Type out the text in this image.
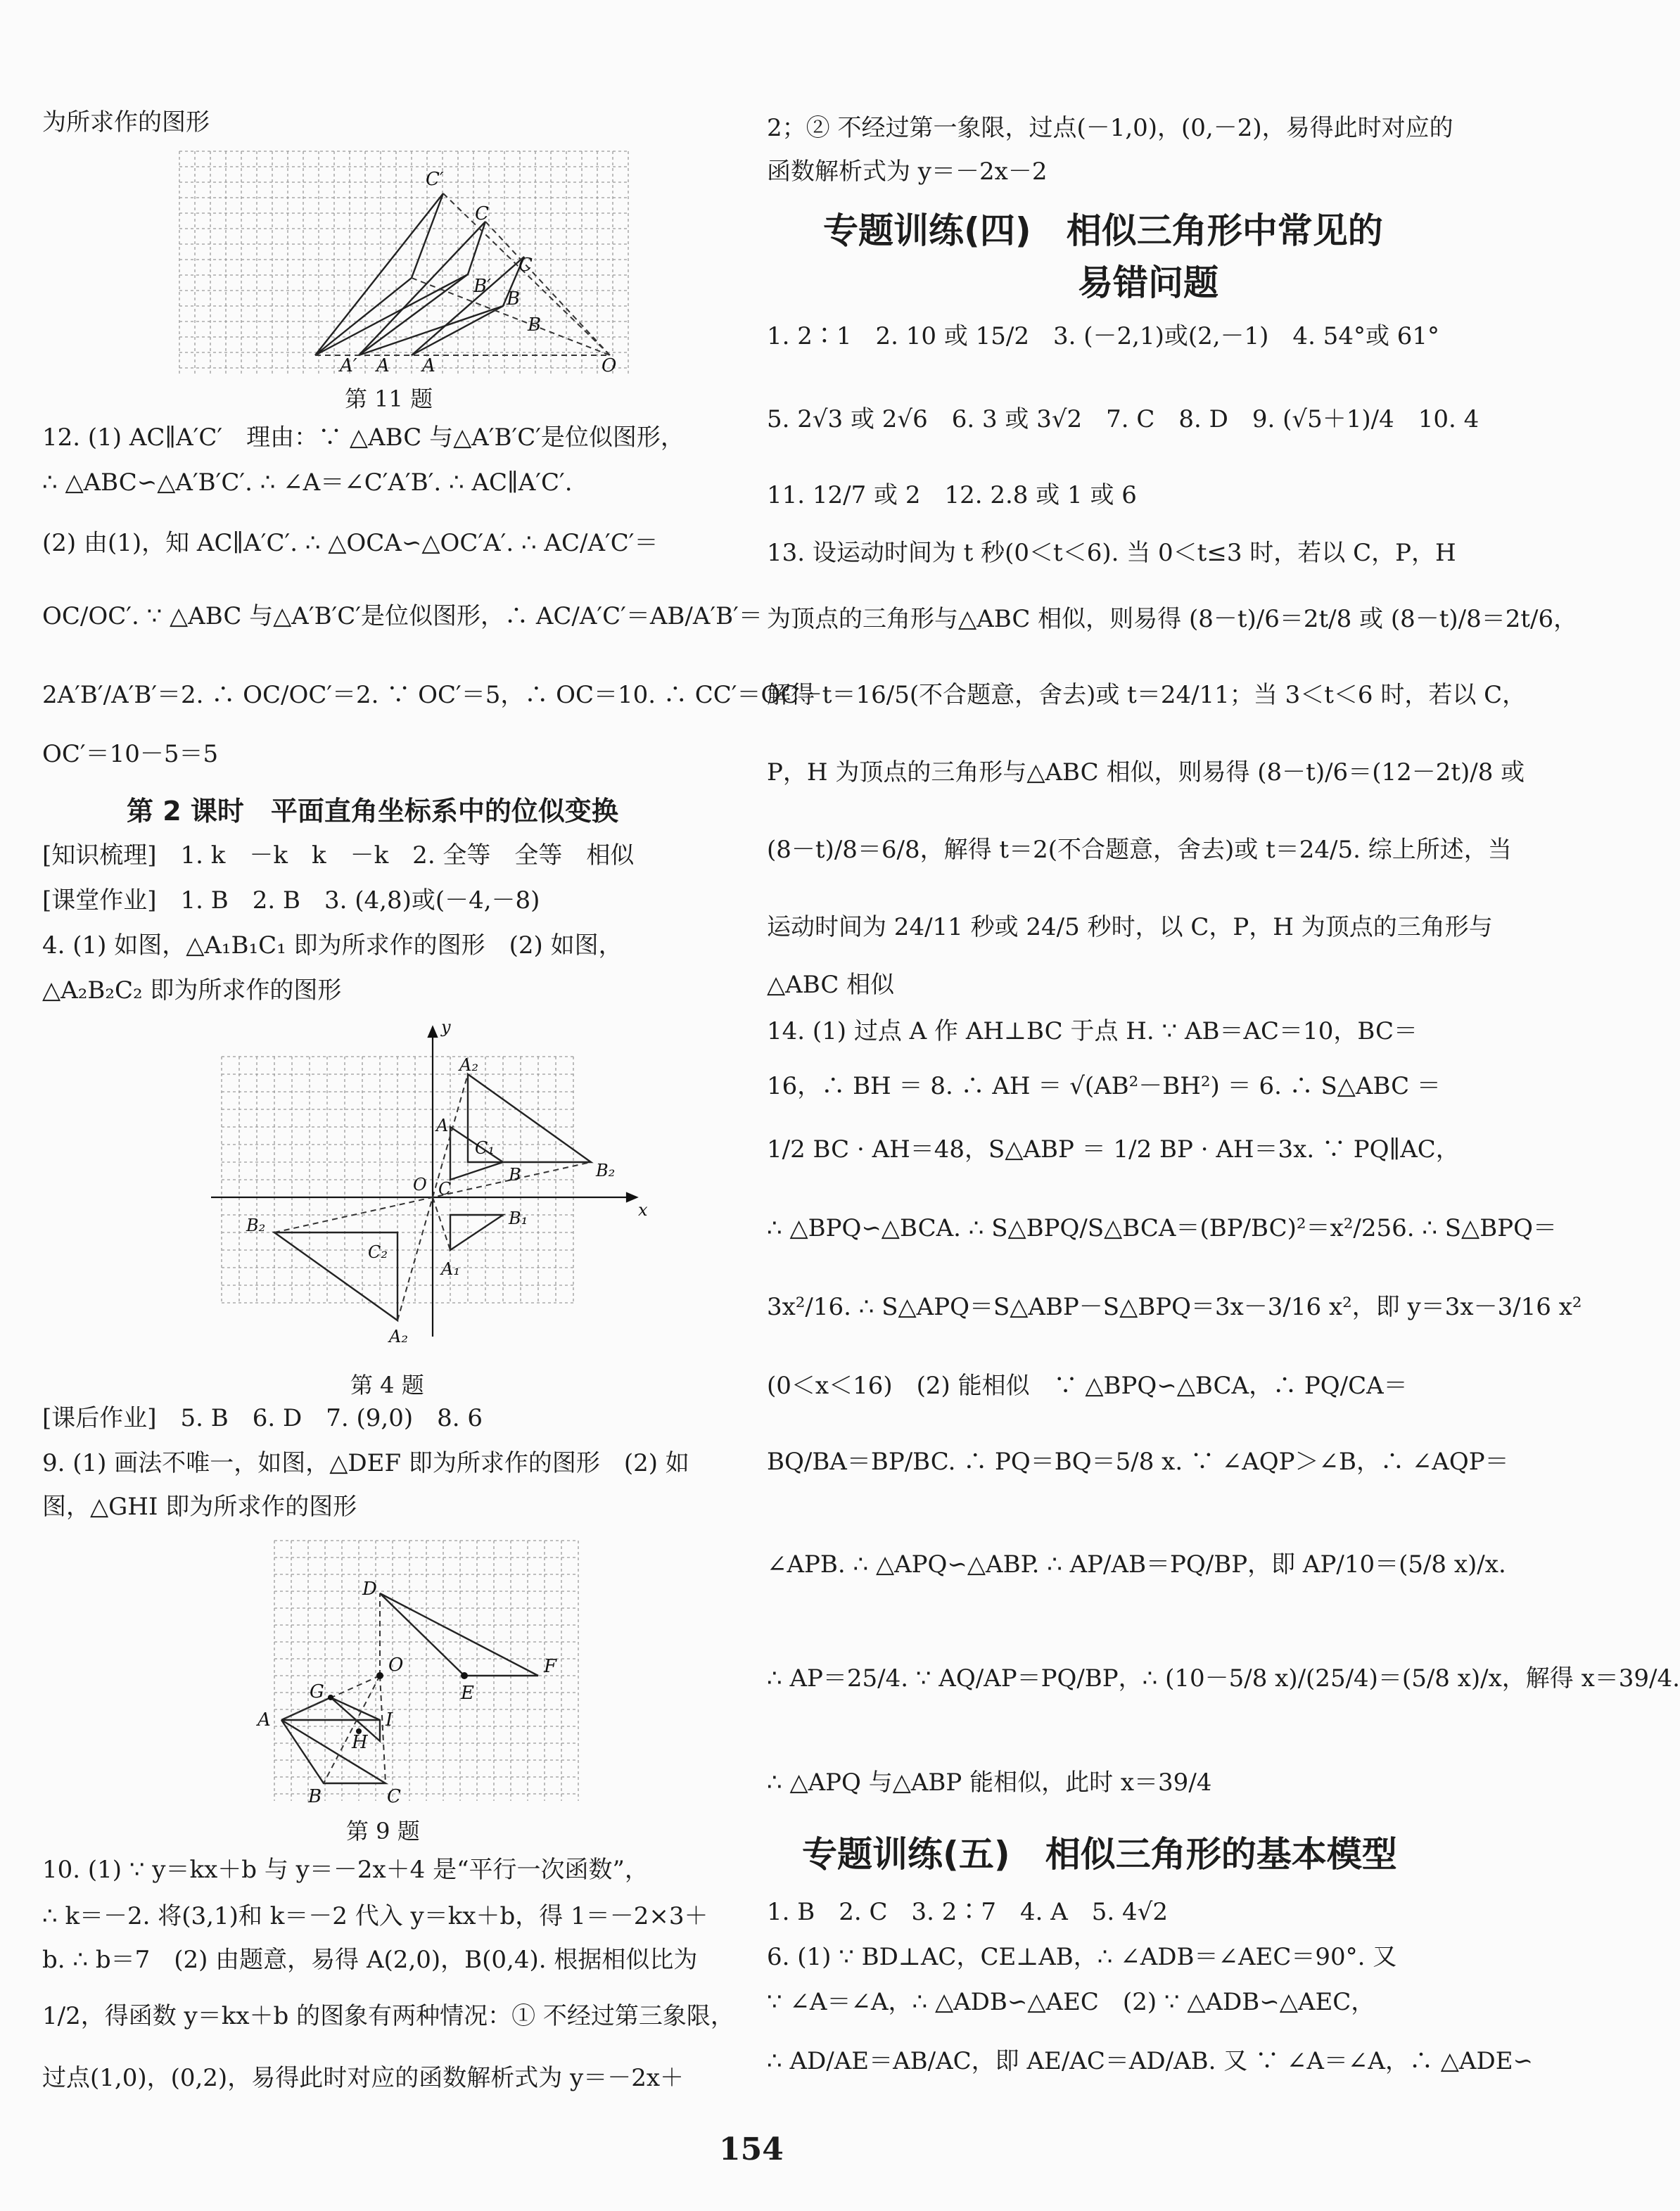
为所求作的图形
C′
C
C
B′
B
B
A′ A A	O
第 11 题
12. (1) AC∥A′C′　理由：∵ △ABC 与△A′B′C′是位似图形，
∴ △ABC∽△A′B′C′. ∴ ∠A＝∠C′A′B′. ∴ AC∥A′C′.
(2) 由(1)，知 AC∥A′C′. ∴ △OCA∽△OC′A′. ∴ AC/A′C′＝
OC/OC′. ∵ △ABC 与△A′B′C′是位似图形，∴ AC/A′C′＝AB/A′B′＝
2A′B′/A′B′＝2. ∴ OC/OC′＝2. ∵ OC′＝5，∴ OC＝10. ∴ CC′＝OC－
OC′＝10－5＝5
第 2 课时　平面直角坐标系中的位似变换
[知识梳理]　1. k　－k　k　－k　2. 全等　全等　相似
[课堂作业]　1. B　2. B　3. (4,8)或(－4,－8)
4. (1) 如图，△A₁B₁C₁ 即为所求作的图形　(2) 如图，
△A₂B₂C₂ 即为所求作的图形
y
x
O
A₂
A
C₁
B	B₂
C
B₁
B₂
C₂
A₁
A₂
第 4 题
[课后作业]　5. B　6. D　7. (9,0)　8. 6
9. (1) 画法不唯一，如图，△DEF 即为所求作的图形　(2) 如
图，△GHI 即为所求作的图形
D
O	F
E
G
I
A
H
B	C
第 9 题
10. (1) ∵ y＝kx＋b 与 y＝－2x＋4 是“平行一次函数”，
∴ k＝－2. 将(3,1)和 k＝－2 代入 y＝kx＋b，得 1＝－2×3＋
b. ∴ b＝7　(2) 由题意，易得 A(2,0)，B(0,4). 根据相似比为
1/2，得函数 y＝kx＋b 的图象有两种情况：① 不经过第三象限，
过点(1,0)，(0,2)，易得此时对应的函数解析式为 y＝－2x＋
2；② 不经过第一象限，过点(－1,0)，(0,－2)，易得此时对应的
函数解析式为 y＝－2x－2
专题训练(四)　相似三角形中常见的
易错问题
1. 2∶1　2. 10 或 15/2　3. (－2,1)或(2,－1)　4. 54°或 61°
5. 2√3 或 2√6　6. 3 或 3√2　7. C　8. D　9. (√5＋1)/4　10. 4
11. 12/7 或 2　12. 2.8 或 1 或 6
13. 设运动时间为 t 秒(0＜t＜6). 当 0＜t≤3 时，若以 C，P，H
为顶点的三角形与△ABC 相似，则易得 (8－t)/6＝2t/8 或 (8－t)/8＝2t/6，
解得 t＝16/5(不合题意，舍去)或 t＝24/11；当 3＜t＜6 时，若以 C，
P，H 为顶点的三角形与△ABC 相似，则易得 (8－t)/6＝(12－2t)/8 或
(8－t)/8＝6/8，解得 t＝2(不合题意，舍去)或 t＝24/5. 综上所述，当
运动时间为 24/11 秒或 24/5 秒时，以 C，P，H 为顶点的三角形与
△ABC 相似
14. (1) 过点 A 作 AH⊥BC 于点 H. ∵ AB＝AC＝10，BC＝
16，∴ BH ＝ 8. ∴ AH ＝ √(AB²－BH²) ＝ 6. ∴ S△ABC ＝
1/2 BC · AH＝48，S△ABP ＝ 1/2 BP · AH＝3x. ∵ PQ∥AC，
∴ △BPQ∽△BCA. ∴ S△BPQ/S△BCA＝(BP/BC)²＝x²/256. ∴ S△BPQ＝
3x²/16. ∴ S△APQ＝S△ABP－S△BPQ＝3x－3/16 x²，即 y＝3x－3/16 x²
(0＜x＜16)　(2) 能相似　∵ △BPQ∽△BCA，∴ PQ/CA＝
BQ/BA＝BP/BC. ∴ PQ＝BQ＝5/8 x. ∵ ∠AQP＞∠B，∴ ∠AQP＝
∠APB. ∴ △APQ∽△ABP. ∴ AP/AB＝PQ/BP，即 AP/10＝(5/8 x)/x.
∴ AP＝25/4. ∵ AQ/AP＝PQ/BP，∴ (10－5/8 x)/(25/4)＝(5/8 x)/x，解得 x＝39/4.
∴ △APQ 与△ABP 能相似，此时 x＝39/4
专题训练(五)　相似三角形的基本模型
1. B　2. C　3. 2∶7　4. A　5. 4√2
6. (1) ∵ BD⊥AC，CE⊥AB，∴ ∠ADB＝∠AEC＝90°. 又
∵ ∠A＝∠A，∴ △ADB∽△AEC　(2) ∵ △ADB∽△AEC，
∴ AD/AE＝AB/AC，即 AE/AC＝AD/AB. 又 ∵ ∠A＝∠A，∴ △ADE∽
154
